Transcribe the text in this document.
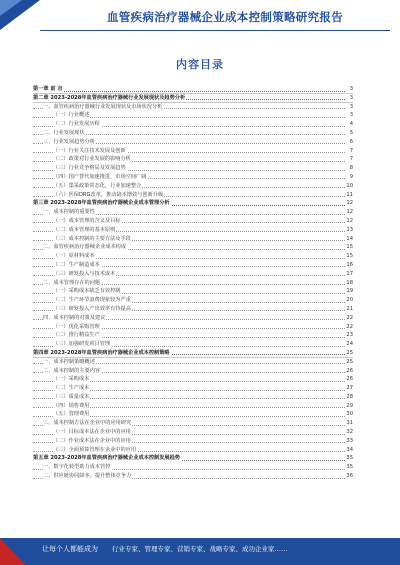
血管疾病治疗器械企业成本控制策略研究报告
内容目录
第一章 前 言	3
第二章 2023-2028年血管疾病治疗器械行业发展现状及趋势分析	3
一、血管疾病治疗器械行业发展现状及市场状况分析	3
（一）行业概述	3
（二）行业发展历程	4
二、行业发展现状	5
三、行业发展趋势分析	6
（一）行业关注技术发展及创新	7
（二）政策对行业发展的影响分析	7
（三）行业竞争格局及发展趋势	8
（四）国产替代加速推进，市场空间广阔	9
（五）集采政策常态化，行业加速整合	10
（六）医保DRG改革，推动降本增效与创新升级	11
第三章 2023-2028年血管疾病治疗器械企业成本管理分析	12
一、成本控制的重要性	12
（一）成本管理的含义及目标	12
（二）成本管理的基本原则	13
（三）成本控制的主要方法及手段	14
二、血管疾病治疗器械企业成本构成	15
（一）原材料成本	15
（二）生产制造成本	16
（三）研发投入与技术成本	17
三、成本管理存在的问题	18
（一）采购成本缺乏有效控制	19
（二）生产环节浪费现象较为严重	20
（三）研发投入产出效率有待提高	21
四、成本控制的对策及建议	22
（一）优化采购管理	22
（二）推行精益生产	23
（三）加强研发项目管理	24
第四章 2023-2028年血管疾病治疗器械企业成本控制策略	25
一、成本控制策略概述	25
二、成本控制的主要内容	26
（一）采购成本	26
（二）生产成本	27
（三）质量成本	28
（四）销售费用	29
（五）管理费用	30
三、成本控制方法在企业中的应用研究	31
（一）目标成本法在企业中的应用	32
（二）作业成本法在企业中的应用	33
（三）全面预算管理在企业中的应用	34
第五章 2023-2028年血管疾病治疗器械企业成本控制发展趋势	35
一、数字化转型助力成本管控	35
二、供应链协同降本，提升整体竞争力	36
让每个人都能成为 行业专家、管理专家、营销专家、战略专家、成功企业家……
